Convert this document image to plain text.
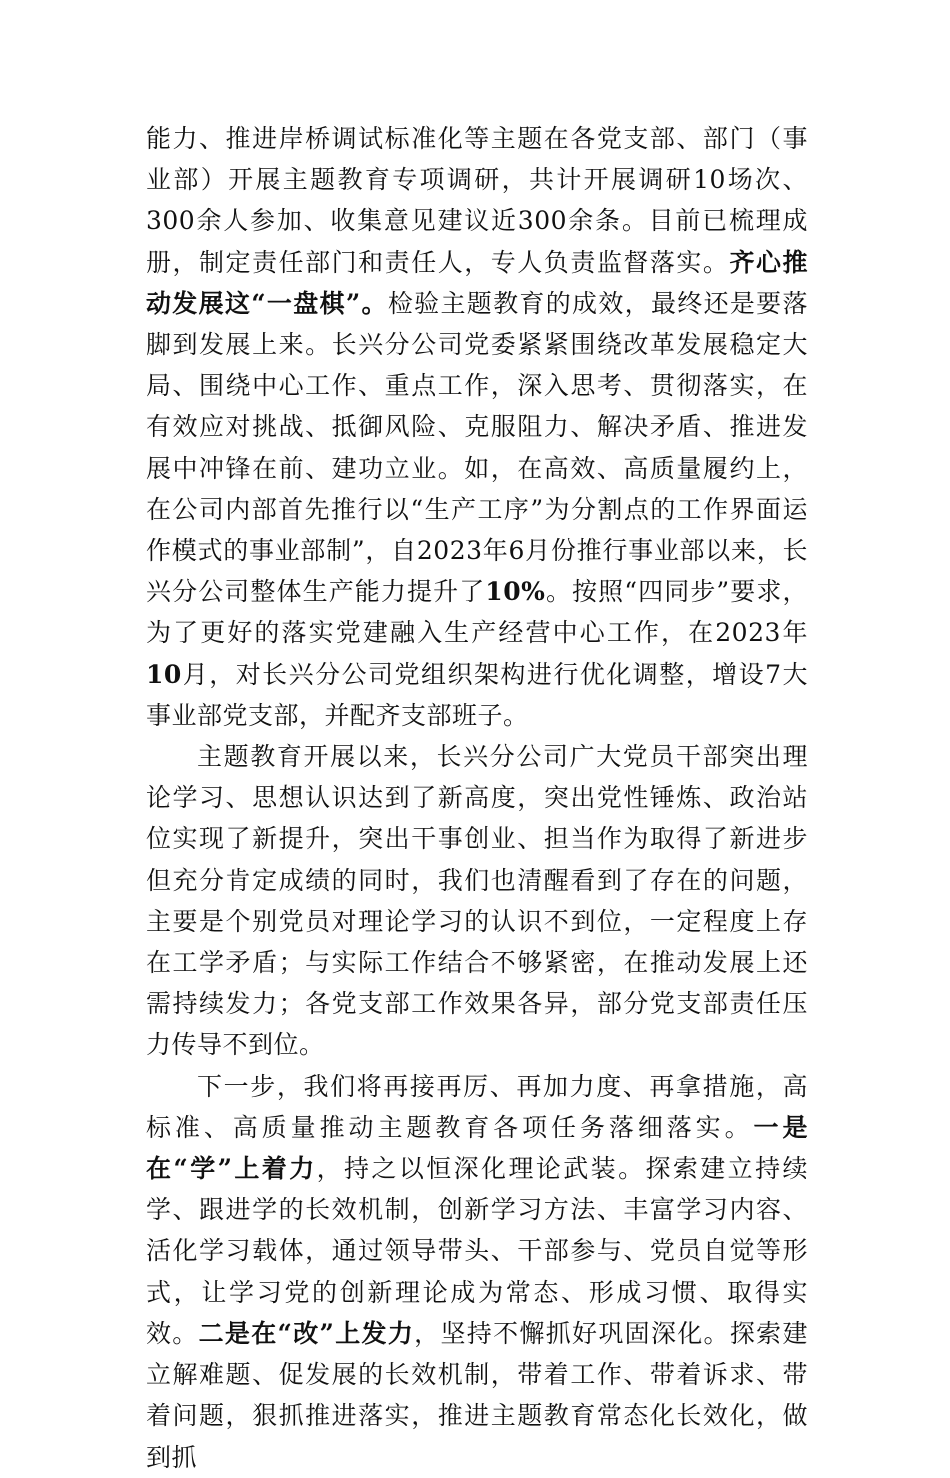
能力、推进岸桥调试标准化等主题在各党支部、部门（事业部）开展主题教育专项调研，共计开展调研10场次、300余人参加、收集意见建议近300余条。目前已梳理成册，制定责任部门和责任人，专人负责监督落实。齐心推动发展这“一盘棋”。检验主题教育的成效，最终还是要落脚到发展上来。长兴分公司党委紧紧围绕改革发展稳定大局、围绕中心工作、重点工作，深入思考、贯彻落实，在有效应对挑战、抵御风险、克服阻力、解决矛盾、推进发展中冲锋在前、建功立业。如，在高效、高质量履约上，在公司内部首先推行以“生产工序”为分割点的工作界面运作模式的事业部制”，自2023年6月份推行事业部以来，长兴分公司整体生产能力提升了10%。按照“四同步”要求，为了更好的落实党建融入生产经营中心工作，在2023年10月，对长兴分公司党组织架构进行优化调整，增设7大事业部党支部，并配齐支部班子。

主题教育开展以来，长兴分公司广大党员干部突出理论学习、思想认识达到了新高度，突出党性锤炼、政治站位实现了新提升，突出干事创业、担当作为取得了新进步但充分肯定成绩的同时，我们也清醒看到了存在的问题，主要是个别党员对理论学习的认识不到位，一定程度上存在工学矛盾；与实际工作结合不够紧密，在推动发展上还需持续发力；各党支部工作效果各异，部分党支部责任压力传导不到位。

下一步，我们将再接再厉、再加力度、再拿措施，高标准、高质量推动主题教育各项任务落细落实。一是在“学”上着力，持之以恒深化理论武装。探索建立持续学、跟进学的长效机制，创新学习方法、丰富学习内容、活化学习载体，通过领导带头、干部参与、党员自觉等形式，让学习党的创新理论成为常态、形成习惯、取得实效。二是在“改”上发力，坚持不懈抓好巩固深化。探索建立解难题、促发展的长效机制，带着工作、带着诉求、带着问题，狠抓推进落实，推进主题教育常态化长效化，做到抓
